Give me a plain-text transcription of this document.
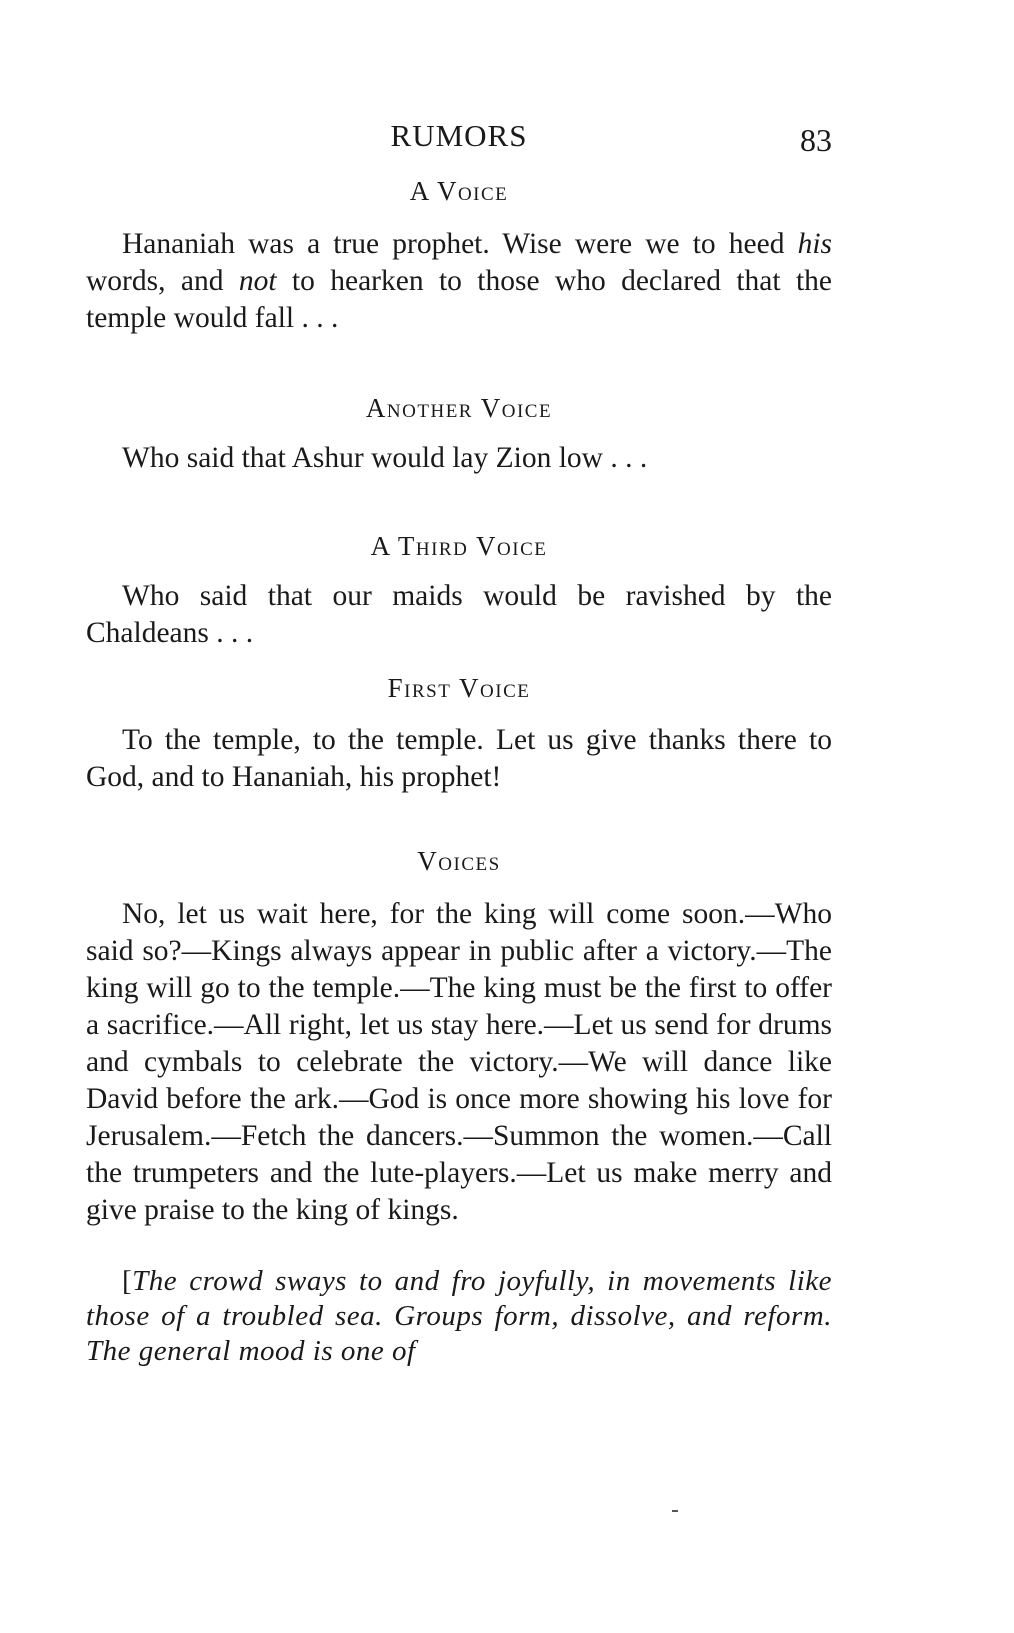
RUMORS	83
A Voice

Hananiah was a true prophet. Wise were we to heed his words, and not to hearken to those who declared that the temple would fall . . .

Another Voice

Who said that Ashur would lay Zion low . . .

A Third Voice

Who said that our maids would be ravished by the Chaldeans . . .

First Voice

To the temple, to the temple. Let us give thanks there to God, and to Hananiah, his prophet!

Voices

No, let us wait here, for the king will come soon.—Who said so?—Kings always appear in public after a victory.—The king will go to the temple.—The king must be the first to offer a sacrifice.—All right, let us stay here.—Let us send for drums and cymbals to celebrate the victory.—We will dance like David before the ark.—God is once more showing his love for Jerusalem.—Fetch the dancers.—Summon the women.—Call the trumpeters and the lute-players.—Let us make merry and give praise to the king of kings.

[The crowd sways to and fro joyfully, in movements like those of a troubled sea. Groups form, dissolve, and reform. The general mood is one of
